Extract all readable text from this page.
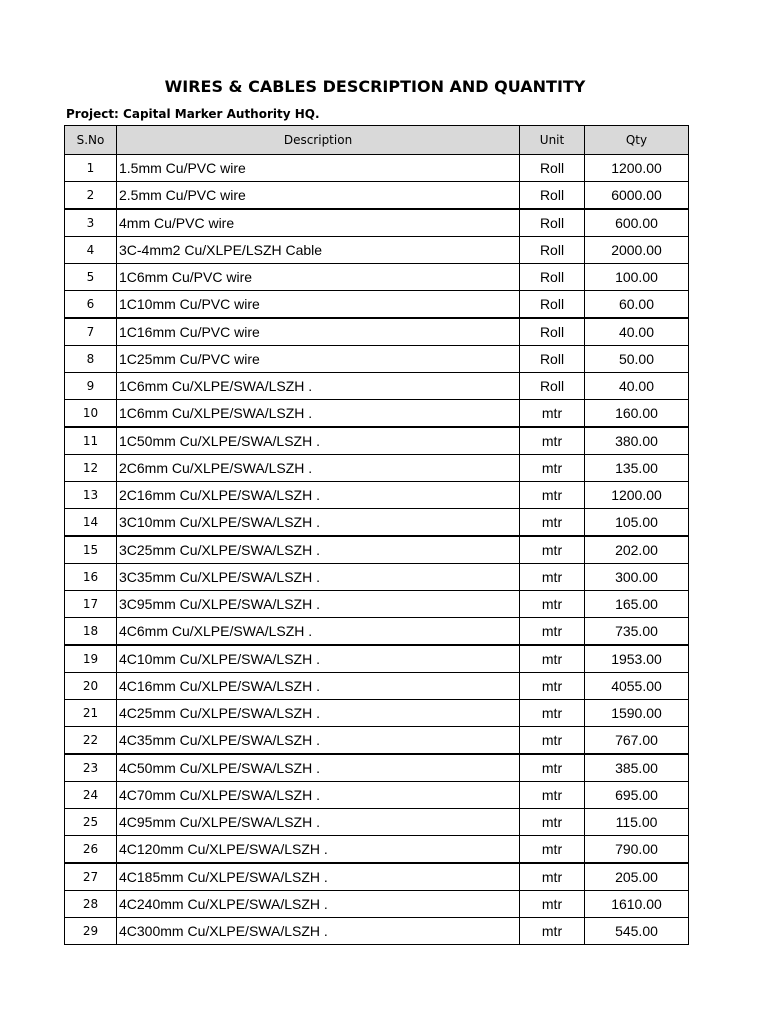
WIRES & CABLES DESCRIPTION AND QUANTITY
Project: Capital Marker Authority HQ.
S.No	Description	Unit	Qty
1	1.5mm Cu/PVC wire	Roll	1200.00
2	2.5mm Cu/PVC wire	Roll	6000.00
3	4mm Cu/PVC wire	Roll	600.00
4	3C-4mm2 Cu/XLPE/LSZH Cable	Roll	2000.00
5	1C6mm Cu/PVC wire	Roll	100.00
6	1C10mm Cu/PVC wire	Roll	60.00
7	1C16mm Cu/PVC wire	Roll	40.00
8	1C25mm Cu/PVC wire	Roll	50.00
9	1C6mm Cu/XLPE/SWA/LSZH .	Roll	40.00
10	1C6mm Cu/XLPE/SWA/LSZH .	mtr	160.00
11	1C50mm Cu/XLPE/SWA/LSZH .	mtr	380.00
12	2C6mm Cu/XLPE/SWA/LSZH .	mtr	135.00
13	2C16mm Cu/XLPE/SWA/LSZH .	mtr	1200.00
14	3C10mm Cu/XLPE/SWA/LSZH .	mtr	105.00
15	3C25mm Cu/XLPE/SWA/LSZH .	mtr	202.00
16	3C35mm Cu/XLPE/SWA/LSZH .	mtr	300.00
17	3C95mm Cu/XLPE/SWA/LSZH .	mtr	165.00
18	4C6mm Cu/XLPE/SWA/LSZH .	mtr	735.00
19	4C10mm Cu/XLPE/SWA/LSZH .	mtr	1953.00
20	4C16mm Cu/XLPE/SWA/LSZH .	mtr	4055.00
21	4C25mm Cu/XLPE/SWA/LSZH .	mtr	1590.00
22	4C35mm Cu/XLPE/SWA/LSZH .	mtr	767.00
23	4C50mm Cu/XLPE/SWA/LSZH .	mtr	385.00
24	4C70mm Cu/XLPE/SWA/LSZH .	mtr	695.00
25	4C95mm Cu/XLPE/SWA/LSZH .	mtr	115.00
26	4C120mm Cu/XLPE/SWA/LSZH .	mtr	790.00
27	4C185mm Cu/XLPE/SWA/LSZH .	mtr	205.00
28	4C240mm Cu/XLPE/SWA/LSZH .	mtr	1610.00
29	4C300mm Cu/XLPE/SWA/LSZH .	mtr	545.00
